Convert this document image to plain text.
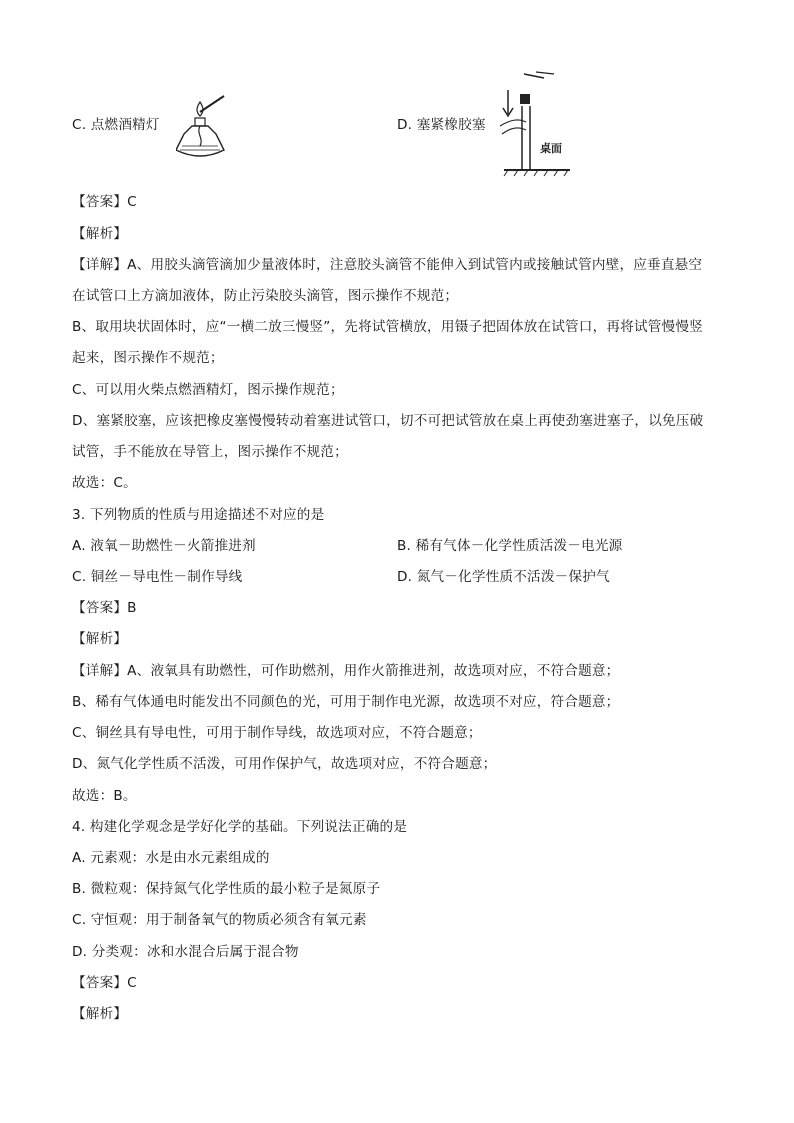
C. 点燃酒精灯	D. 塞紧橡胶塞
桌面
【答案】C
【解析】
【详解】A、用胶头滴管滴加少量液体时，注意胶头滴管不能伸入到试管内或接触试管内壁，应垂直悬空
在试管口上方滴加液体，防止污染胶头滴管，图示操作不规范；
B、取用块状固体时，应“一横二放三慢竖”，先将试管横放，用镊子把固体放在试管口，再将试管慢慢竖
起来，图示操作不规范；
C、可以用火柴点燃酒精灯，图示操作规范；
D、塞紧胶塞，应该把橡皮塞慢慢转动着塞进试管口，切不可把试管放在桌上再使劲塞进塞子，以免压破
试管，手不能放在导管上，图示操作不规范；
故选：C。
3. 下列物质的性质与用途描述不对应的是
A. 液氧－助燃性－火箭推进剂	B. 稀有气体－化学性质活泼－电光源
C. 铜丝－导电性－制作导线	D. 氮气－化学性质不活泼－保护气
【答案】B
【解析】
【详解】A、液氧具有助燃性，可作助燃剂，用作火箭推进剂，故选项对应，不符合题意；
B、稀有气体通电时能发出不同颜色的光，可用于制作电光源，故选项不对应，符合题意；
C、铜丝具有导电性，可用于制作导线，故选项对应，不符合题意；
D、氮气化学性质不活泼，可用作保护气，故选项对应，不符合题意；
故选：B。
4. 构建化学观念是学好化学的基础。下列说法正确的是
A. 元素观：水是由水元素组成的
B. 微粒观：保持氮气化学性质的最小粒子是氮原子
C. 守恒观：用于制备氧气的物质必须含有氧元素
D. 分类观：冰和水混合后属于混合物
【答案】C
【解析】
